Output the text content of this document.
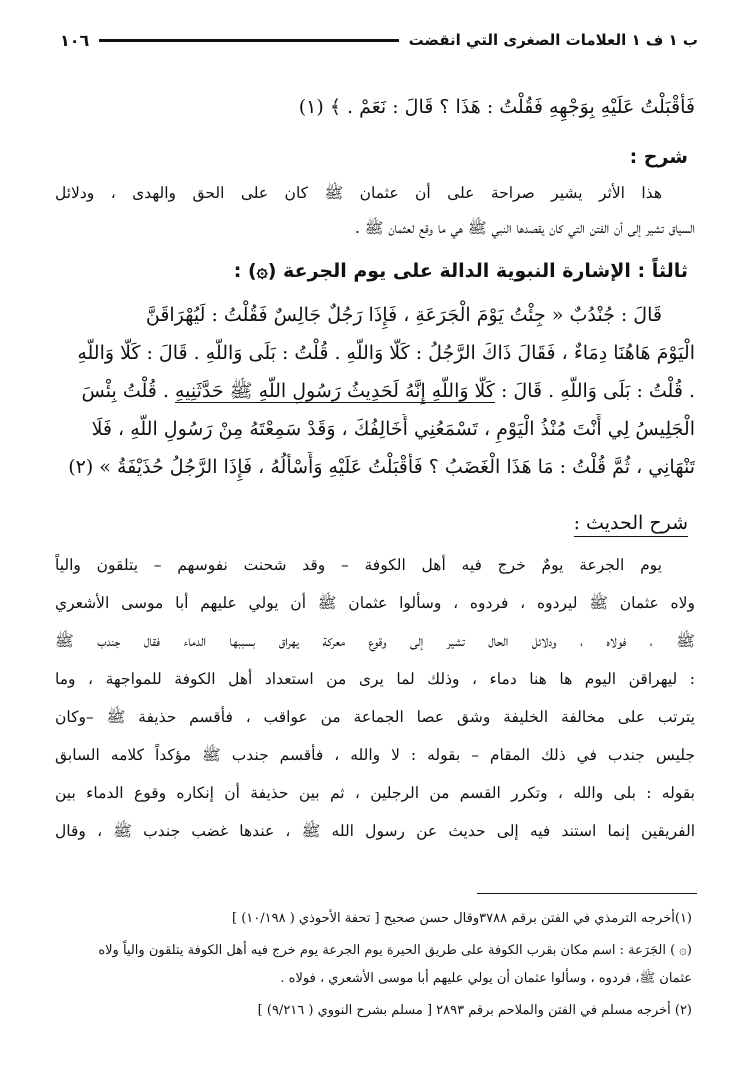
ب ١ ف ١ العلامات الصغرى التي انقضت
١٠٦
فَأَقْبَلْتُ عَلَيْهِ بِوَجْهِهِ فَقُلْتُ : هَذَا ؟ قَالَ : نَعَمْ . ﴾ (١)
شرح :
هذا الأثر يشير صراحة على أن عثمان ﷺ كان على الحق والهدى ، ودلائل
السياق تشير إلى أن الفتن التي كان يقصدها النبي ﷺ هي ما وقع لعثمان ﷺ .
ثالثاً : الإشارة النبوية الدالة على يوم الجرعة (۞) :
قَالَ : جُنْدُبٌ « جِئْتُ يَوْمَ الْجَرَعَةِ ، فَإِذَا رَجُلٌ جَالِسٌ فَقُلْتُ : لَيُهْرَاقَنَّ
الْيَوْمَ هَاهُنَا دِمَاءٌ ، فَقَالَ ذَاكَ الرَّجُلُ : كَلَّا وَاللَّهِ . قُلْتُ : بَلَى وَاللَّهِ . قَالَ : كَلَّا وَاللَّهِ
. قُلْتُ : بَلَى وَاللَّهِ . قَالَ : كَلَّا وَاللَّهِ إِنَّهُ لَحَدِيثُ رَسُولِ اللَّهِ ﷺ حَدَّثَنِيهِ . قُلْتُ بِئْسَ
الْجَلِيسُ لِي أَنْتَ مُنْذُ الْيَوْمِ ، تَسْمَعُنِي أُخَالِفُكَ ، وَقَدْ سَمِعْتَهُ مِنْ رَسُولِ اللَّهِ ، فَلَا
تَنْهَانِي ، ثُمَّ قُلْتُ : مَا هَذَا الْغَضَبُ ؟ فَأَقْبَلْتُ عَلَيْهِ وَأَسْأَلُهُ ، فَإِذَا الرَّجُلُ حُذَيْفَةُ » (٢)
شرح الحديث :
يوم الجرعة يومٌ خرج فيه أهل الكوفة – وقد شحنت نفوسهم – يتلقون والياً
ولاه عثمان ﷺ ليردوه ، فردوه ، وسألوا عثمان ﷺ أن يولي عليهم أبا موسى الأشعري
ﷺ ، فولاه ، ودلائل الحال تشير إلى وقوع معركة يهراق بسببها الدماء فقال جندب ﷺ
: ليهراقن اليوم ها هنا دماء ، وذلك لما يرى من استعداد أهل الكوفة للمواجهة ، وما
يترتب على مخالفة الخليفة وشق عصا الجماعة من عواقب ، فأقسم حذيفة ﷺ –وكان
جليس جندب في ذلك المقام – بقوله : لا والله ، فأقسم جندب ﷺ مؤكداً كلامه السابق
بقوله : بلى والله ، وتكرر القسم من الرجلين ، ثم بين حذيفة أن إنكاره وقوع الدماء بين
الفريقين إنما استند فيه إلى حديث عن رسول الله ﷺ ، عندها غضب جندب ﷺ ، وقال
(١)أخرجه الترمذي في الفتن برقم ٣٧٨٨وقال حسن صحيح [ تحفة الأحوذي ( ١٠/١٩٨) ]
(۞ ) الجَرَعة : اسم مكان بقرب الكوفة على طريق الحيرة يوم الجرعة يوم خرج فيه أهل الكوفة يتلقون والياً ولاه
عثمان ﷺ، فردوه ، وسألوا عثمان أن يولي عليهم أبا موسى الأشعري ، فولاه .
(٢) أخرجه مسلم في الفتن والملاحم برقم ٢٨٩٣ [ مسلم بشرح النووي ( ٩/٢١٦) ]
